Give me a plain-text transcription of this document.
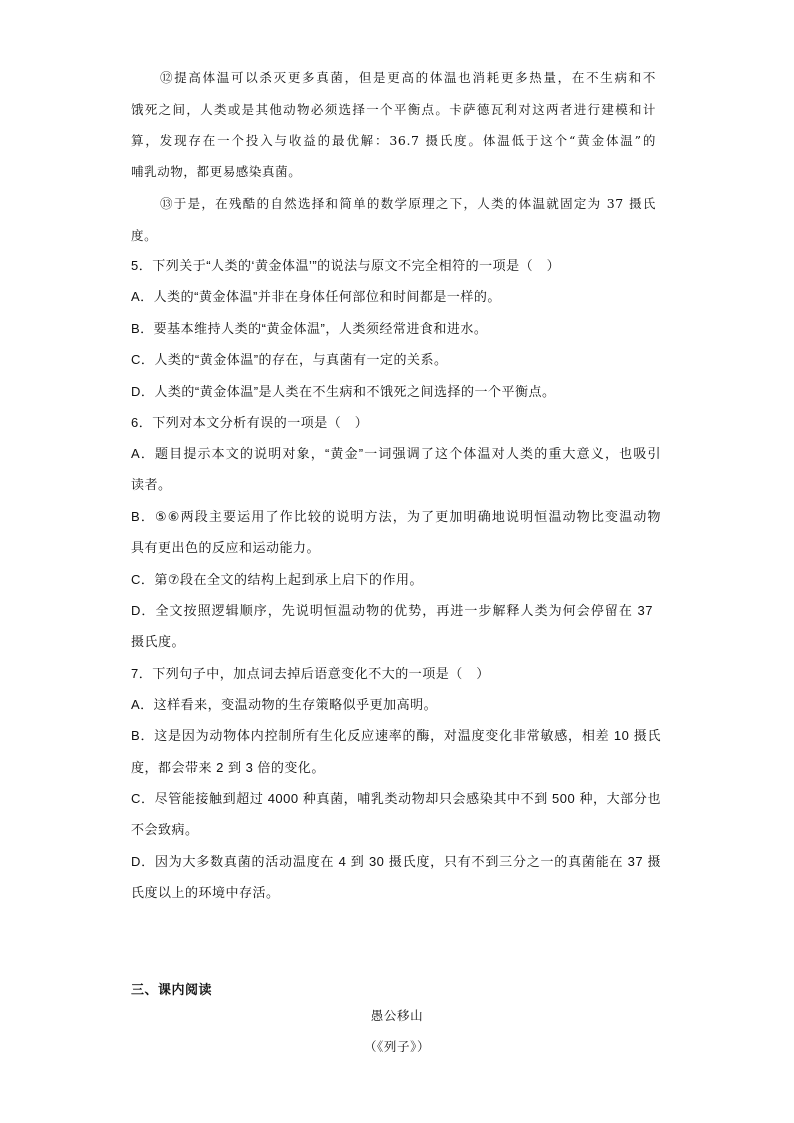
⑫提高体温可以杀灭更多真菌，但是更高的体温也消耗更多热量，在不生病和不
饿死之间，人类或是其他动物必须选择一个平衡点。卡萨德瓦利对这两者进行建模和计
算，发现存在一个投入与收益的最优解：36.7 摄氏度。体温低于这个“黄金体温”的
哺乳动物，都更易感染真菌。
⑬于是，在残酷的自然选择和简单的数学原理之下，人类的体温就固定为 37 摄氏
度。
5．下列关于“人类的‘黄金体温’”的说法与原文不完全相符的一项是（　）
A．人类的“黄金体温”并非在身体任何部位和时间都是一样的。
B．要基本维持人类的“黄金体温”，人类须经常进食和进水。
C．人类的“黄金体温”的存在，与真菌有一定的关系。
D．人类的“黄金体温”是人类在不生病和不饿死之间选择的一个平衡点。
6．下列对本文分析有误的一项是（　）
A．题目提示本文的说明对象，“黄金”一词强调了这个体温对人类的重大意义，也吸引
读者。
B．⑤⑥两段主要运用了作比较的说明方法，为了更加明确地说明恒温动物比变温动物
具有更出色的反应和运动能力。
C．第⑦段在全文的结构上起到承上启下的作用。
D．全文按照逻辑顺序，先说明恒温动物的优势，再进一步解释人类为何会停留在 37
摄氏度。
7．下列句子中，加点词去掉后语意变化不大的一项是（　）
A．这样看来，变温动物的生存策略似乎更加高明。
B．这是因为动物体内控制所有生化反应速率的酶，对温度变化非常敏感，相差 10 摄氏
度，都会带来 2 到 3 倍的变化。
C．尽管能接触到超过 4000 种真菌，哺乳类动物却只会感染其中不到 500 种，大部分也
不会致病。
D．因为大多数真菌的活动温度在 4 到 30 摄氏度，只有不到三分之一的真菌能在 37 摄
氏度以上的环境中存活。
三、课内阅读
愚公移山
（《列子》）
